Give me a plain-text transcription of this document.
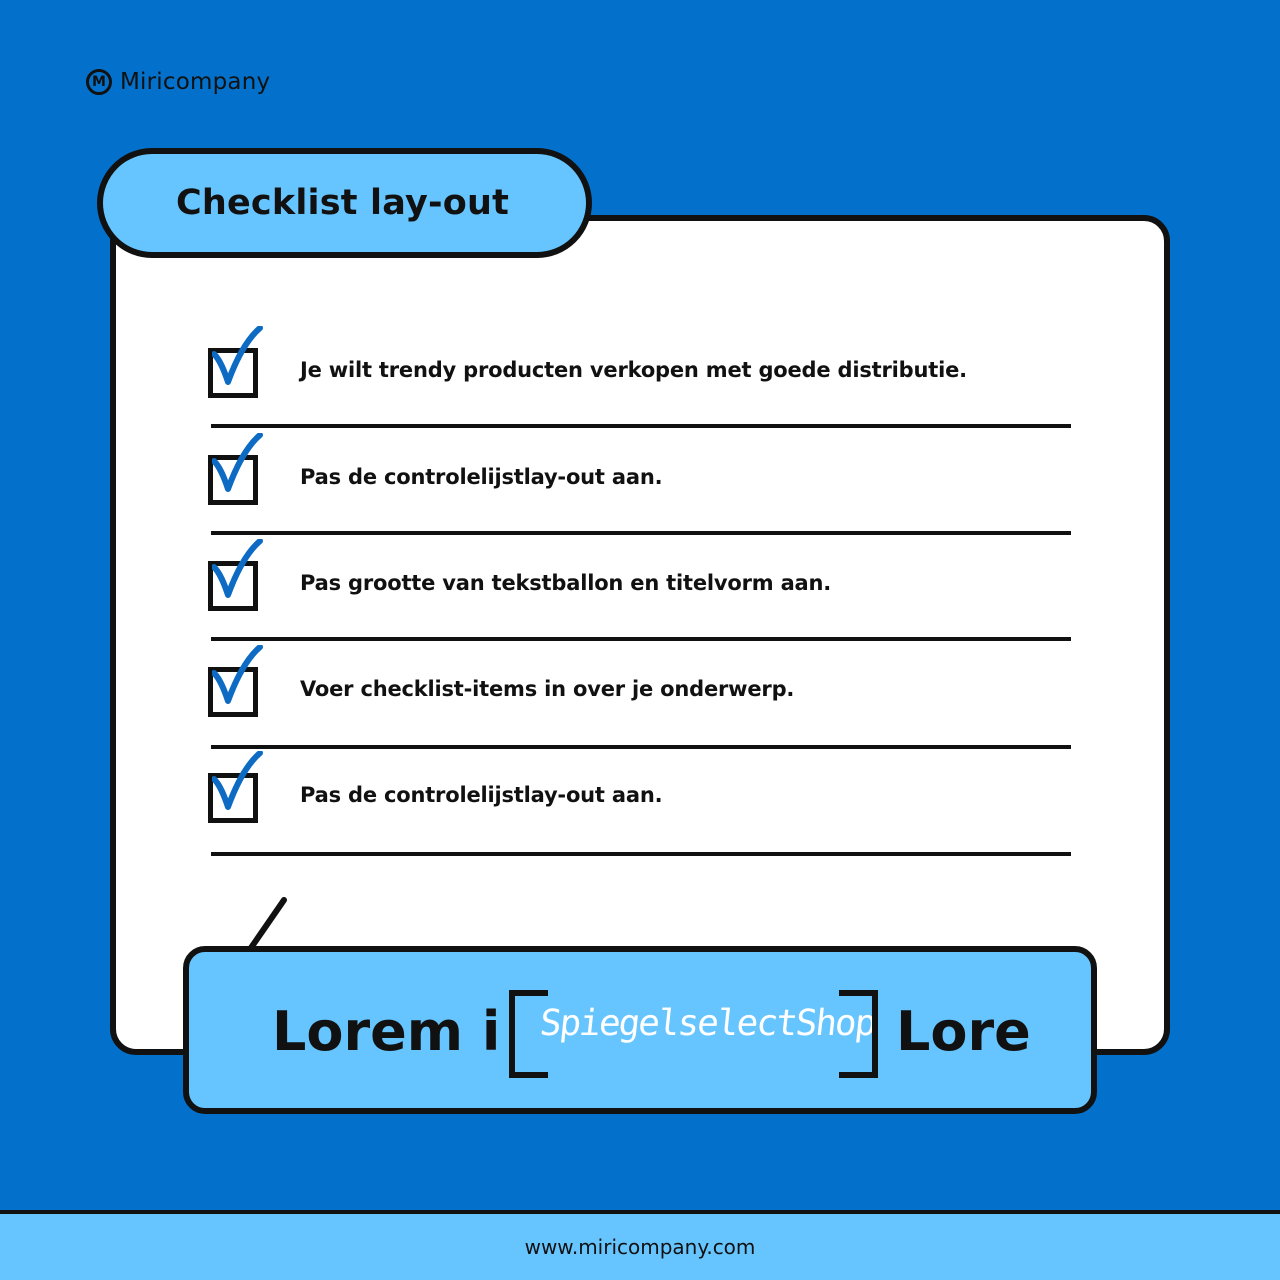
M Miricompany
Checklist lay-out
Je wilt trendy producten verkopen met goede distributie.
Pas de controlelijstlay-out aan.
Pas grootte van tekstballon en titelvorm aan.
Voer checklist-items in over je onderwerp.
Pas de controlelijstlay-out aan.
Lorem i SpiegelselectShop Lore
www.miricompany.com
